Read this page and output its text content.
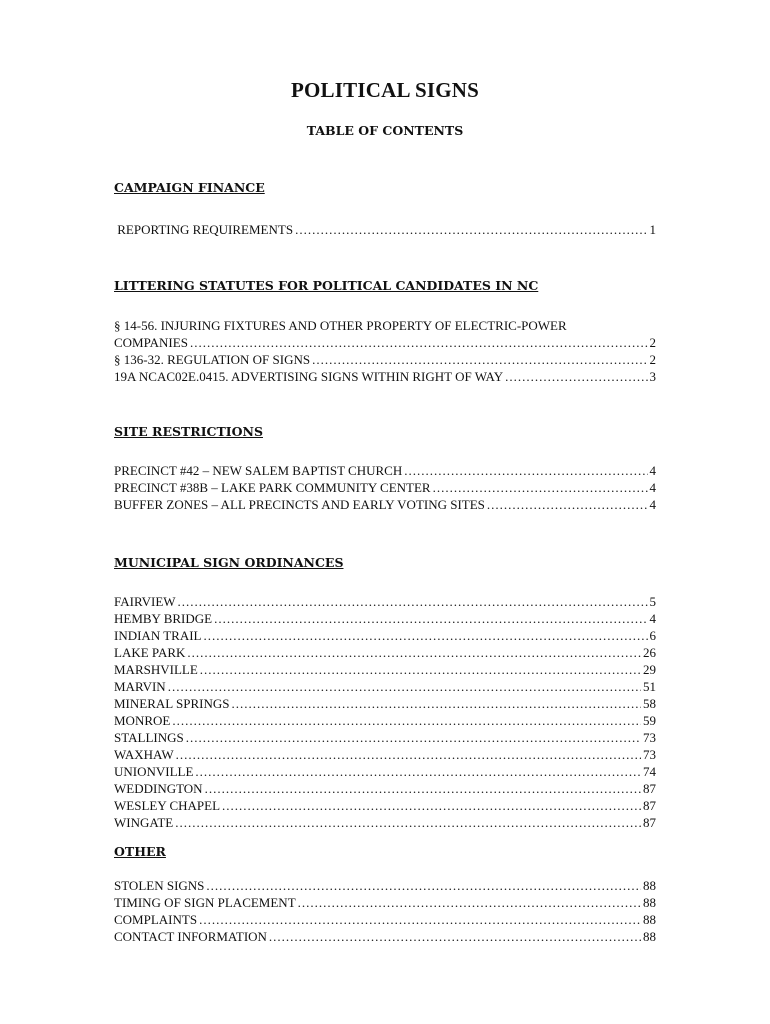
POLITICAL SIGNS
TABLE OF CONTENTS
CAMPAIGN FINANCE
REPORTING REQUIREMENTS .....	1
LITTERING STATUTES FOR POLITICAL CANDIDATES IN NC
§ 14-56. INJURING FIXTURES AND OTHER PROPERTY OF ELECTRIC-POWER
COMPANIES .....	2
§ 136-32. REGULATION OF SIGNS .....	2
19A NCAC02E.0415. ADVERTISING SIGNS WITHIN RIGHT OF WAY .....	3
SITE RESTRICTIONS
PRECINCT #42 – NEW SALEM BAPTIST CHURCH .....	4
PRECINCT #38B – LAKE PARK COMMUNITY CENTER .....	4
BUFFER ZONES – ALL PRECINCTS AND EARLY VOTING SITES .....	4
MUNICIPAL SIGN ORDINANCES
FAIRVIEW .....	5
HEMBY BRIDGE .....	4
INDIAN TRAIL .....	6
LAKE PARK .....	26
MARSHVILLE .....	29
MARVIN .....	51
MINERAL SPRINGS .....	58
MONROE .....	59
STALLINGS .....	73
WAXHAW .....	73
UNIONVILLE .....	74
WEDDINGTON .....	87
WESLEY CHAPEL .....	87
WINGATE .....	87
OTHER
STOLEN SIGNS .....	88
TIMING OF SIGN PLACEMENT .....	88
COMPLAINTS .....	88
CONTACT INFORMATION .....	88
